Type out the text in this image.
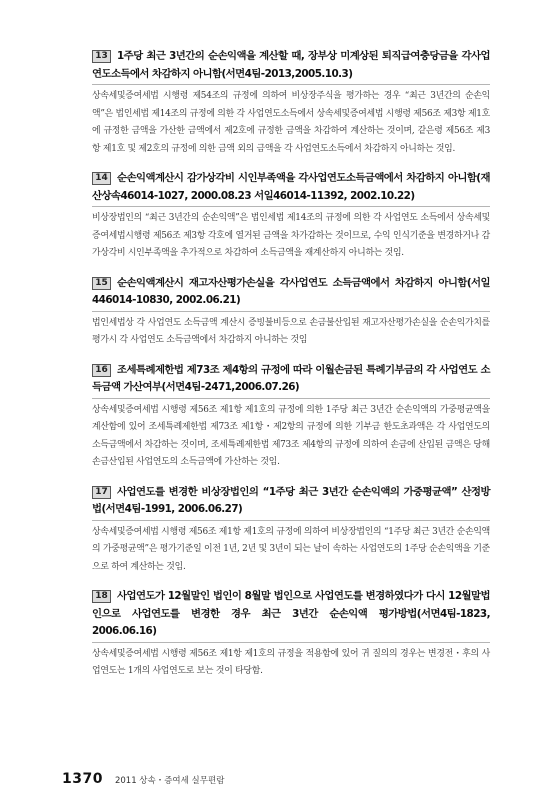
13 1주당 최근 3년간의 순손익액을 계산할 때, 장부상 미계상된 퇴직급여충당금을 각사업연도소득에서 차감하지 아니함(서면4팀-2013,2005.10.3)
상속세및증여세법 시행령 제54조의 규정에 의하여 비상장주식을 평가하는 경우 “최근 3년간의 순손익액”은 법인세법 제14조의 규정에 의한 각 사업연도소득에서 상속세및증여세법 시행령 제56조 제3항 제1호에 규정한 금액을 가산한 금액에서 제2호에 규정한 금액을 차감하여 계산하는 것이며, 같은령 제56조 제3항 제1호 및 제2호의 규정에 의한 금액 외의 금액을 각 사업연도소득에서 차감하지 아니하는 것임.
14 순손익액계산시 감가상각비 시인부족액을 각사업연도소득금액에서 차감하지 아니함(재산상속46014-1027, 2000.08.23 서일46014-11392, 2002.10.22)
비상장법인의 “최근 3년간의 순손익액”은 법인세법 제14조의 규정에 의한 각 사업연도 소득에서 상속세및증여세법시행령 제56조 제3항 각호에 열거된 금액을 차가감하는 것이므로, 수익 인식기준을 변경하거나 감가상각비 시인부족액을 추가적으로 차감하여 소득금액을 재계산하지 아니하는 것임.
15 순손익액계산시 재고자산평가손실을 각사업연도 소득금액에서 차감하지 아니함(서일446014-10830, 2002.06.21)
법인세법상 각 사업연도 소득금액 계산시 증빙불비등으로 손금불산입된 재고자산평가손실을 순손익가치를 평가시 각 사업연도 소득금액에서 차감하지 아니하는 것임
16 조세특례제한법 제73조 제4항의 규정에 따라 이월손금된 특례기부금의 각 사업연도 소득금액 가산여부(서면4팀-2471,2006.07.26)
상속세및증여세법 시행령 제56조 제1항 제1호의 규정에 의한 1주당 최근 3년간 순손익액의 가중평균액을 계산함에 있어 조세특례제한법 제73조 제1항・제2항의 규정에 의한 기부금 한도초과액은 각 사업연도의 소득금액에서 차감하는 것이며, 조세특례제한법 제73조 제4항의 규정에 의하여 손금에 산입된 금액은 당해 손금산입된 사업연도의 소득금액에 가산하는 것임.
17 사업연도를 변경한 비상장법인의 “1주당 최근 3년간 순손익액의 가중평균액” 산정방법(서면4팀-1991, 2006.06.27)
상속세및증여세법 시행령 제56조 제1항 제1호의 규정에 의하여 비상장법인의 “1주당 최근 3년간 순손익액의 가중평균액”은 평가기준일 이전 1년, 2년 및 3년이 되는 날이 속하는 사업연도의 1주당 순손익액을 기준으로 하여 계산하는 것임.
18 사업연도가 12월말인 법인이 8월말 법인으로 사업연도를 변경하였다가 다시 12월말법인으로 사업연도를 변경한 경우 최근 3년간 순손익액 평가방법(서면4팀-1823, 2006.06.16)
상속세및증여세법 시행령 제56조 제1항 제1호의 규정을 적용함에 있어 귀 질의의 경우는 변경전・후의 사업연도는 1개의 사업연도로 보는 것이 타당함.
1370 2011 상속・증여세 실무편람
